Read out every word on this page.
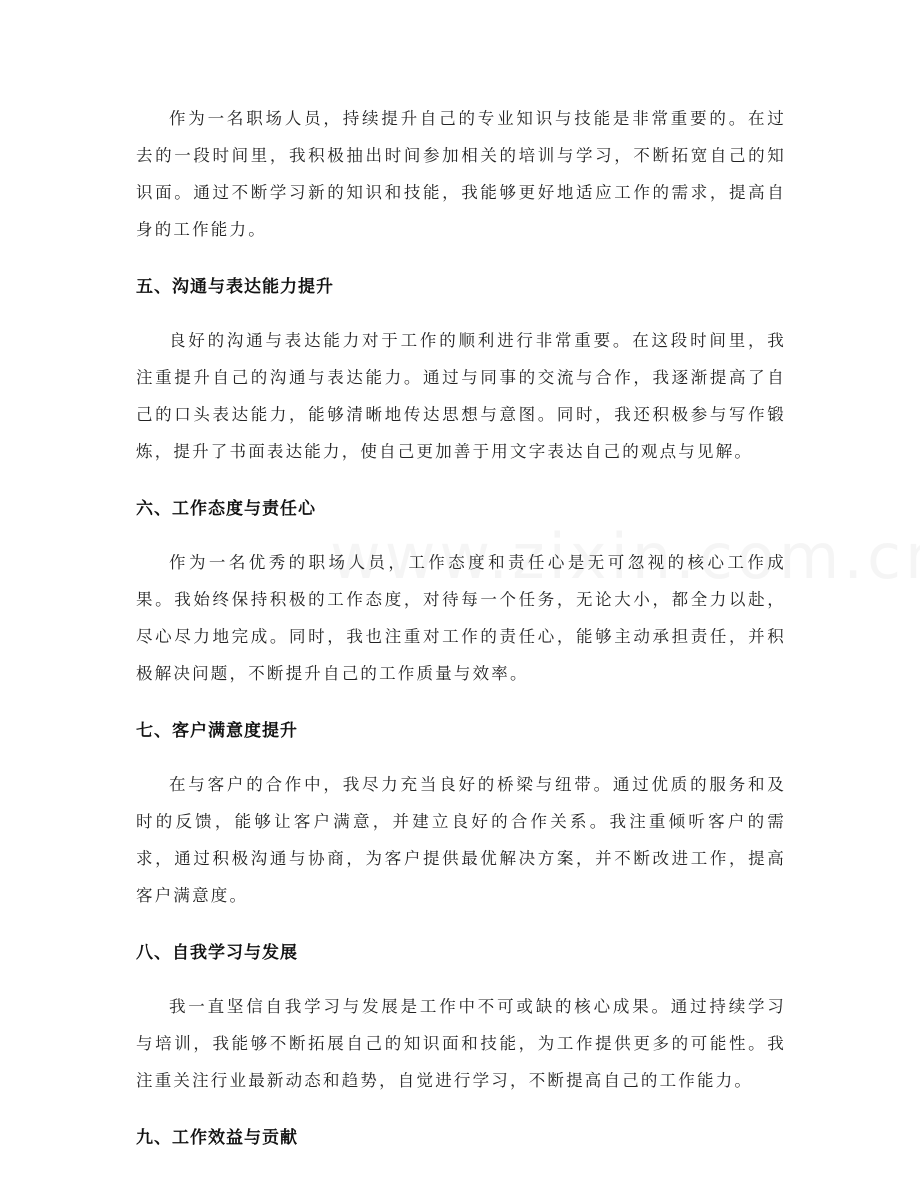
作为一名职场人员，持续提升自己的专业知识与技能是非常重要的。在过去的一段时间里，我积极抽出时间参加相关的培训与学习，不断拓宽自己的知识面。通过不断学习新的知识和技能，我能够更好地适应工作的需求，提高自身的工作能力。

五、沟通与表达能力提升

良好的沟通与表达能力对于工作的顺利进行非常重要。在这段时间里，我注重提升自己的沟通与表达能力。通过与同事的交流与合作，我逐渐提高了自己的口头表达能力，能够清晰地传达思想与意图。同时，我还积极参与写作锻炼，提升了书面表达能力，使自己更加善于用文字表达自己的观点与见解。

六、工作态度与责任心

作为一名优秀的职场人员，工作态度和责任心是无可忽视的核心工作成果。我始终保持积极的工作态度，对待每一个任务，无论大小，都全力以赴，尽心尽力地完成。同时，我也注重对工作的责任心，能够主动承担责任，并积极解决问题，不断提升自己的工作质量与效率。

七、客户满意度提升

在与客户的合作中，我尽力充当良好的桥梁与纽带。通过优质的服务和及时的反馈，能够让客户满意，并建立良好的合作关系。我注重倾听客户的需求，通过积极沟通与协商，为客户提供最优解决方案，并不断改进工作，提高客户满意度。

八、自我学习与发展

我一直坚信自我学习与发展是工作中不可或缺的核心成果。通过持续学习与培训，我能够不断拓展自己的知识面和技能，为工作提供更多的可能性。我注重关注行业最新动态和趋势，自觉进行学习，不断提高自己的工作能力。

九、工作效益与贡献
